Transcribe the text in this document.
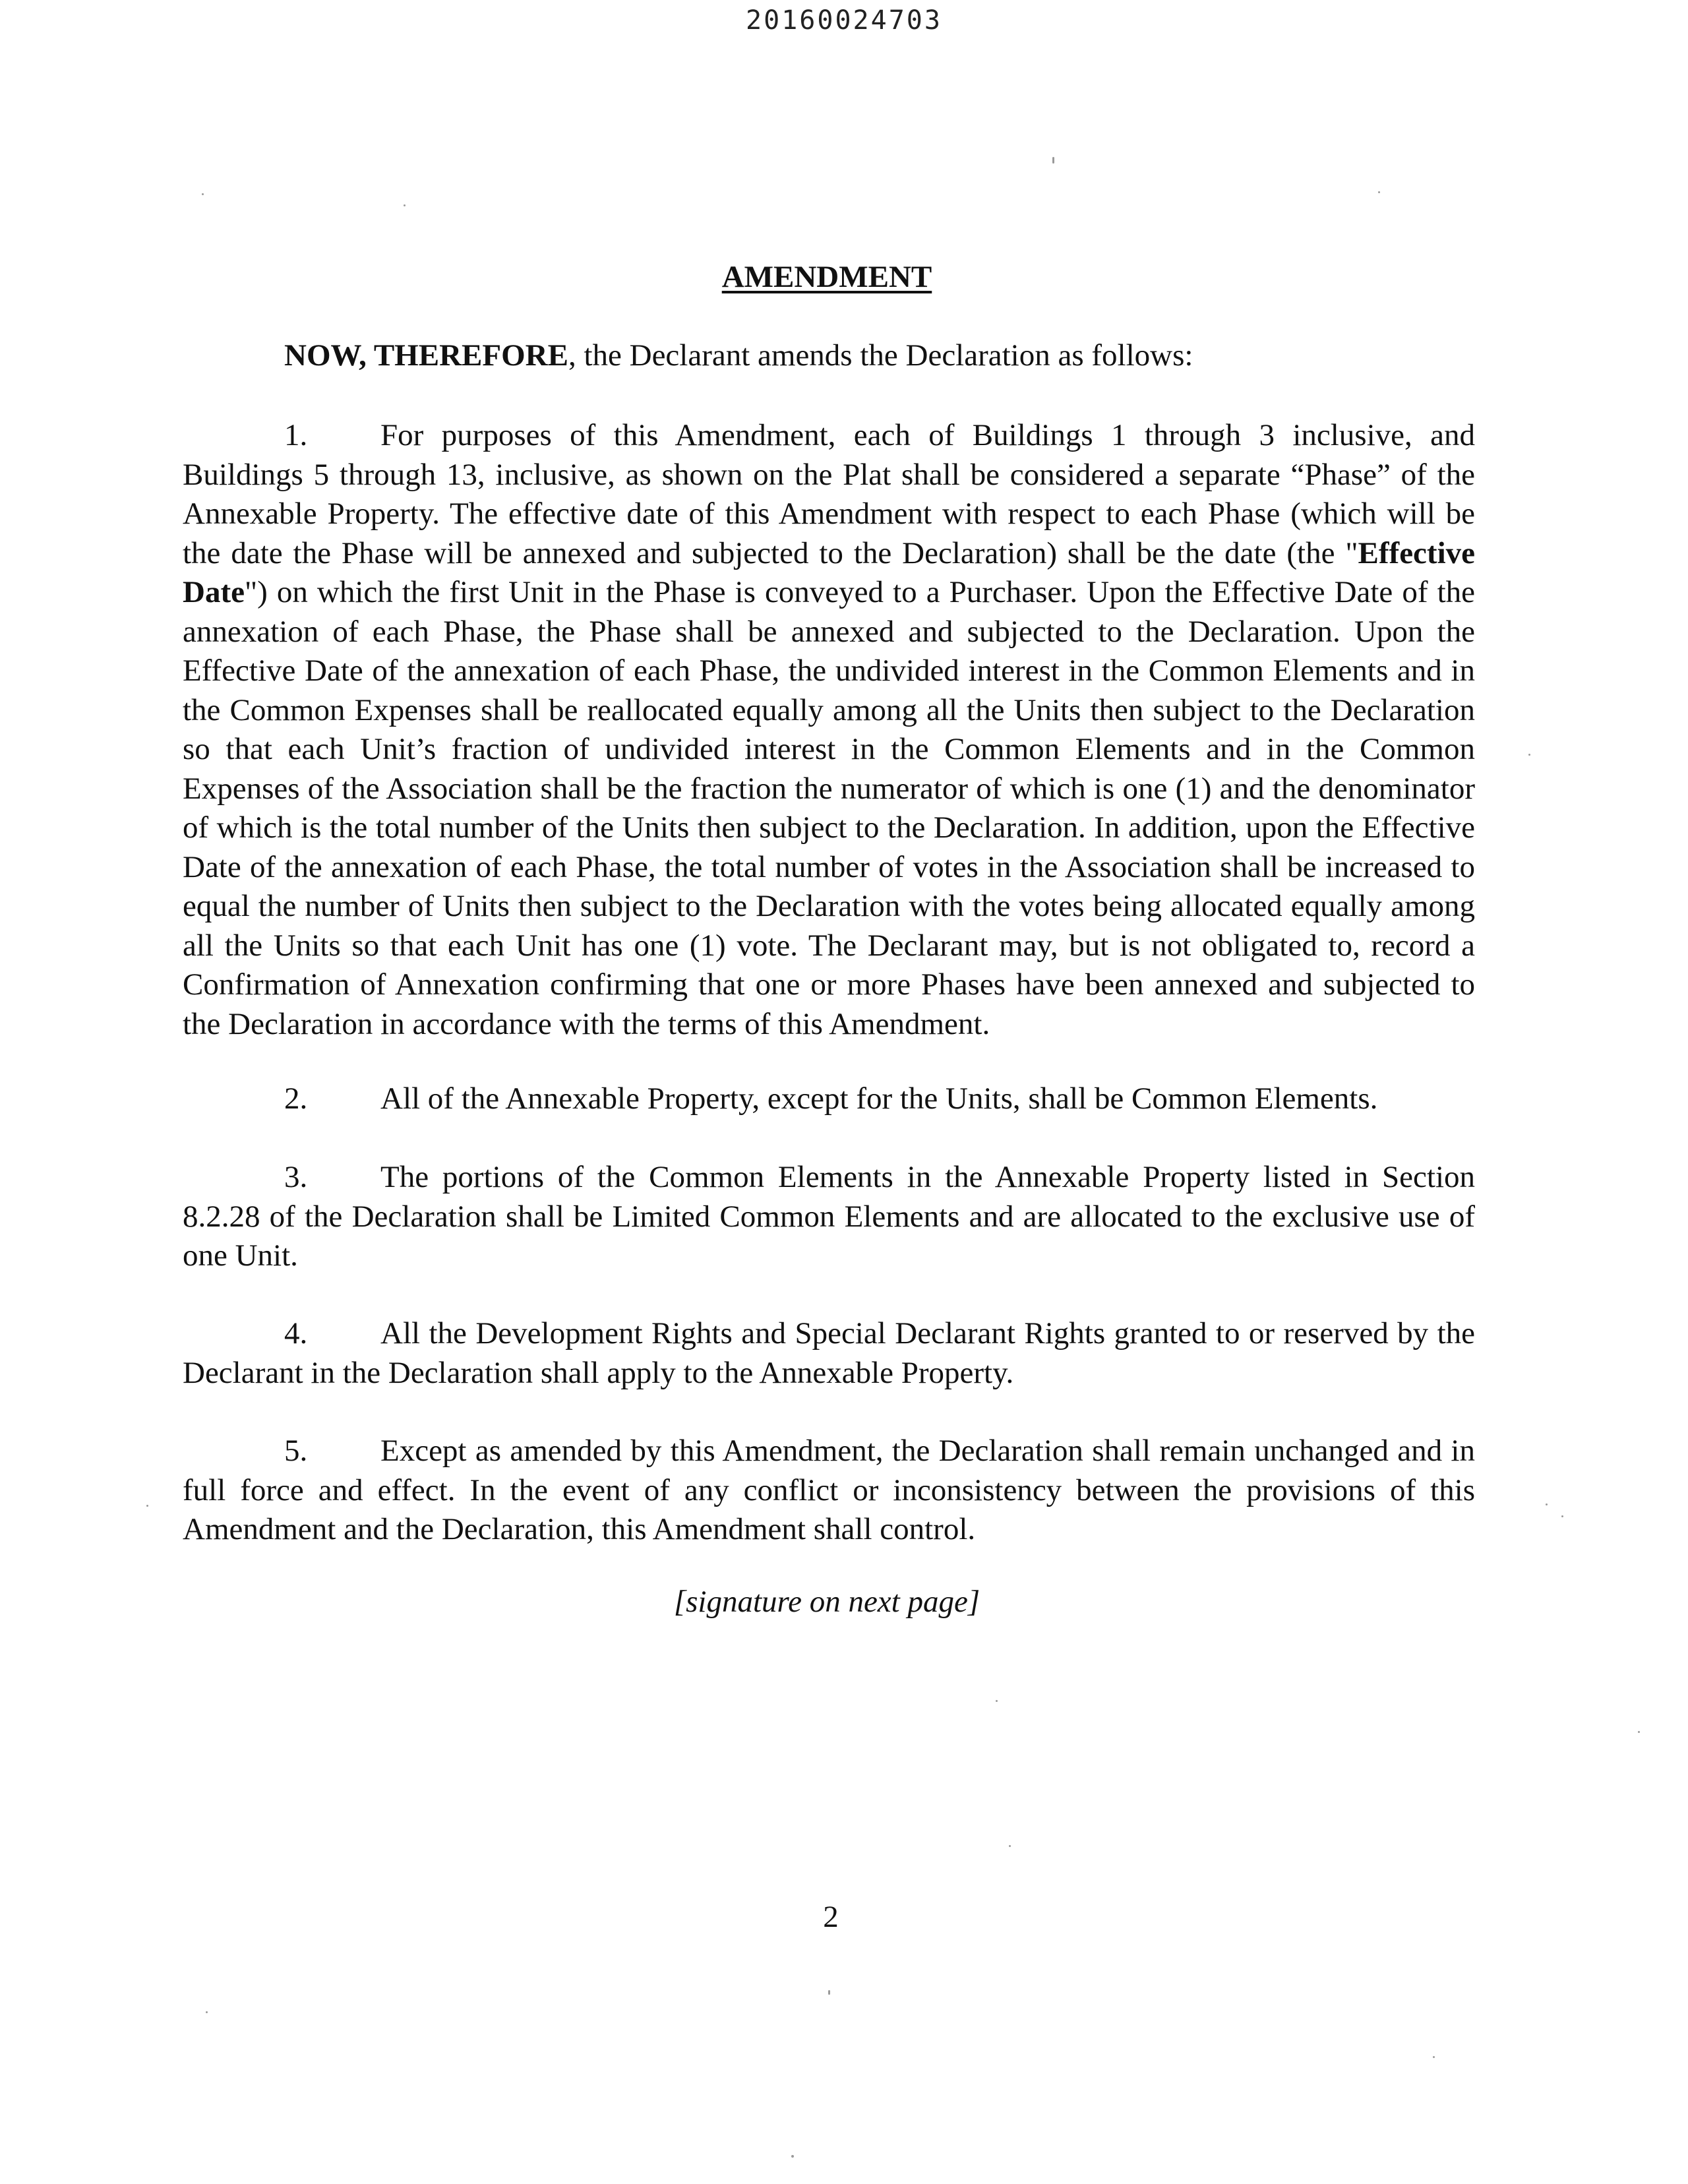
20160024703
AMENDMENT
NOW, THEREFORE, the Declarant amends the Declaration as follows:
1. For purposes of this Amendment, each of Buildings 1 through 3 inclusive, and Buildings 5 through 13, inclusive, as shown on the Plat shall be considered a separate “Phase” of the Annexable Property. The effective date of this Amendment with respect to each Phase (which will be the date the Phase will be annexed and subjected to the Declaration) shall be the date (the "Effective Date") on which the first Unit in the Phase is conveyed to a Purchaser. Upon the Effective Date of the annexation of each Phase, the Phase shall be annexed and subjected to the Declaration. Upon the Effective Date of the annexation of each Phase, the undivided interest in the Common Elements and in the Common Expenses shall be reallocated equally among all the Units then subject to the Declaration so that each Unit’s fraction of undivided interest in the Common Elements and in the Common Expenses of the Association shall be the fraction the numerator of which is one (1) and the denominator of which is the total number of the Units then subject to the Declaration. In addition, upon the Effective Date of the annexation of each Phase, the total number of votes in the Association shall be increased to equal the number of Units then subject to the Declaration with the votes being allocated equally among all the Units so that each Unit has one (1) vote. The Declarant may, but is not obligated to, record a Confirmation of Annexation confirming that one or more Phases have been annexed and subjected to the Declaration in accordance with the terms of this Amendment.
2. All of the Annexable Property, except for the Units, shall be Common Elements.
3. The portions of the Common Elements in the Annexable Property listed in Section 8.2.28 of the Declaration shall be Limited Common Elements and are allocated to the exclusive use of one Unit.
4. All the Development Rights and Special Declarant Rights granted to or reserved by the Declarant in the Declaration shall apply to the Annexable Property.
5. Except as amended by this Amendment, the Declaration shall remain unchanged and in full force and effect. In the event of any conflict or inconsistency between the provisions of this Amendment and the Declaration, this Amendment shall control.
[signature on next page]
2
